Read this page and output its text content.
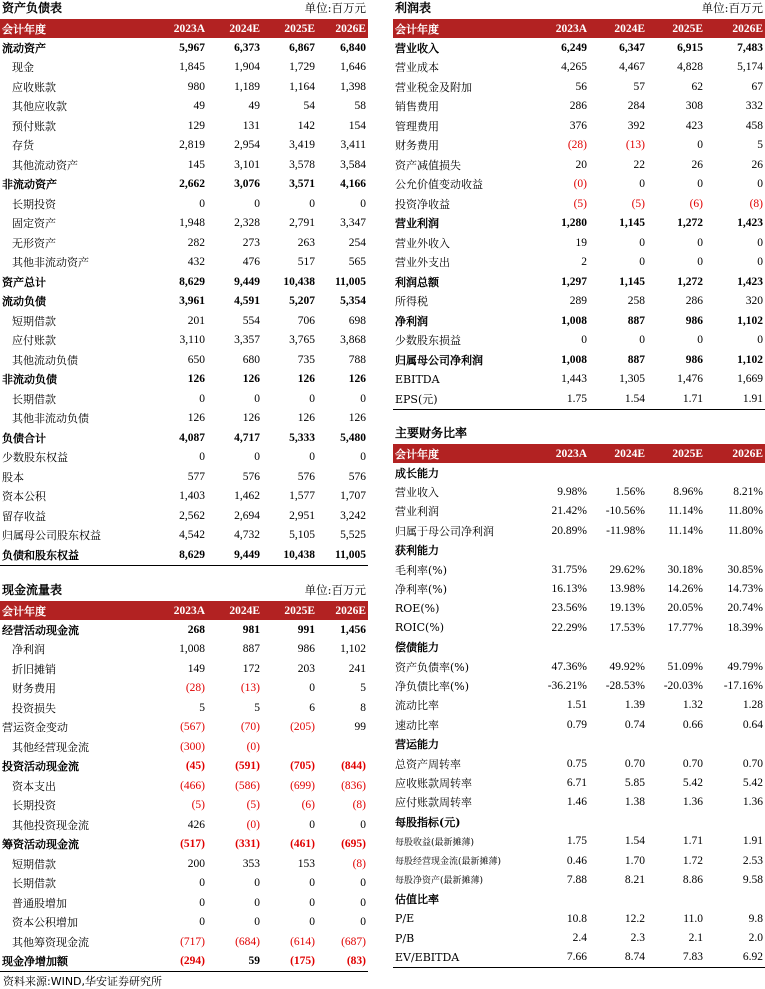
资产负债表	单位:百万元
会计年度	2023A	2024E	2025E	2026E
流动资产	5,967	6,373	6,867	6,840
现金	1,845	1,904	1,729	1,646
应收账款	980	1,189	1,164	1,398
其他应收款	49	49	54	58
预付账款	129	131	142	154
存货	2,819	2,954	3,419	3,411
其他流动资产	145	3,101	3,578	3,584
非流动资产	2,662	3,076	3,571	4,166
长期投资	0	0	0	0
固定资产	1,948	2,328	2,791	3,347
无形资产	282	273	263	254
其他非流动资产	432	476	517	565
资产总计	8,629	9,449	10,438	11,005
流动负债	3,961	4,591	5,207	5,354
短期借款	201	554	706	698
应付账款	3,110	3,357	3,765	3,868
其他流动负债	650	680	735	788
非流动负债	126	126	126	126
长期借款	0	0	0	0
其他非流动负债	126	126	126	126
负债合计	4,087	4,717	5,333	5,480
少数股东权益	0	0	0	0
股本	577	576	576	576
资本公积	1,403	1,462	1,577	1,707
留存收益	2,562	2,694	2,951	3,242
归属母公司股东权益	4,542	4,732	5,105	5,525
负债和股东权益	8,629	9,449	10,438	11,005
利润表	单位:百万元
会计年度	2023A	2024E	2025E	2026E
营业收入	6,249	6,347	6,915	7,483
营业成本	4,265	4,467	4,828	5,174
营业税金及附加	56	57	62	67
销售费用	286	284	308	332
管理费用	376	392	423	458
财务费用	(28)	(13)	0	5
资产减值损失	20	22	26	26
公允价值变动收益	(0)	0	0	0
投资净收益	(5)	(5)	(6)	(8)
营业利润	1,280	1,145	1,272	1,423
营业外收入	19	0	0	0
营业外支出	2	0	0	0
利润总额	1,297	1,145	1,272	1,423
所得税	289	258	286	320
净利润	1,008	887	986	1,102
少数股东损益	0	0	0	0
归属母公司净利润	1,008	887	986	1,102
EBITDA	1,443	1,305	1,476	1,669
EPS(元)	1.75	1.54	1.71	1.91
主要财务比率
会计年度	2023A	2024E	2025E	2026E
成长能力				
营业收入	9.98%	1.56%	8.96%	8.21%
营业利润	21.42%	-10.56%	11.14%	11.80%
归属于母公司净利润	20.89%	-11.98%	11.14%	11.80%
获利能力				
毛利率(%)	31.75%	29.62%	30.18%	30.85%
净利率(%)	16.13%	13.98%	14.26%	14.73%
ROE(%)	23.56%	19.13%	20.05%	20.74%
ROIC(%)	22.29%	17.53%	17.77%	18.39%
偿债能力				
资产负债率(%)	47.36%	49.92%	51.09%	49.79%
净负债比率(%)	-36.21%	-28.53%	-20.03%	-17.16%
流动比率	1.51	1.39	1.32	1.28
速动比率	0.79	0.74	0.66	0.64
营运能力				
总资产周转率	0.75	0.70	0.70	0.70
应收账款周转率	6.71	5.85	5.42	5.42
应付账款周转率	1.46	1.38	1.36	1.36
每股指标(元)				
每股收益(最新摊薄)	1.75	1.54	1.71	1.91
每股经营现金流(最新摊薄)	0.46	1.70	1.72	2.53
每股净资产(最新摊薄)	7.88	8.21	8.86	9.58
估值比率				
P/E	10.8	12.2	11.0	9.8
P/B	2.4	2.3	2.1	2.0
EV/EBITDA	7.66	8.74	7.83	6.92
现金流量表	单位:百万元
会计年度	2023A	2024E	2025E	2026E
经营活动现金流	268	981	991	1,456
净利润	1,008	887	986	1,102
折旧摊销	149	172	203	241
财务费用	(28)	(13)	0	5
投资损失	5	5	6	8
营运资金变动	(567)	(70)	(205)	99
其他经营现金流	(300)	(0)		
投资活动现金流	(45)	(591)	(705)	(844)
资本支出	(466)	(586)	(699)	(836)
长期投资	(5)	(5)	(6)	(8)
其他投资现金流	426	(0)	0	0
筹资活动现金流	(517)	(331)	(461)	(695)
短期借款	200	353	153	(8)
长期借款	0	0	0	0
普通股增加	0	0	0	0
资本公积增加	0	0	0	0
其他筹资现金流	(717)	(684)	(614)	(687)
现金净增加额	(294)	59	(175)	(83)
资料来源:WIND,华安证券研究所
